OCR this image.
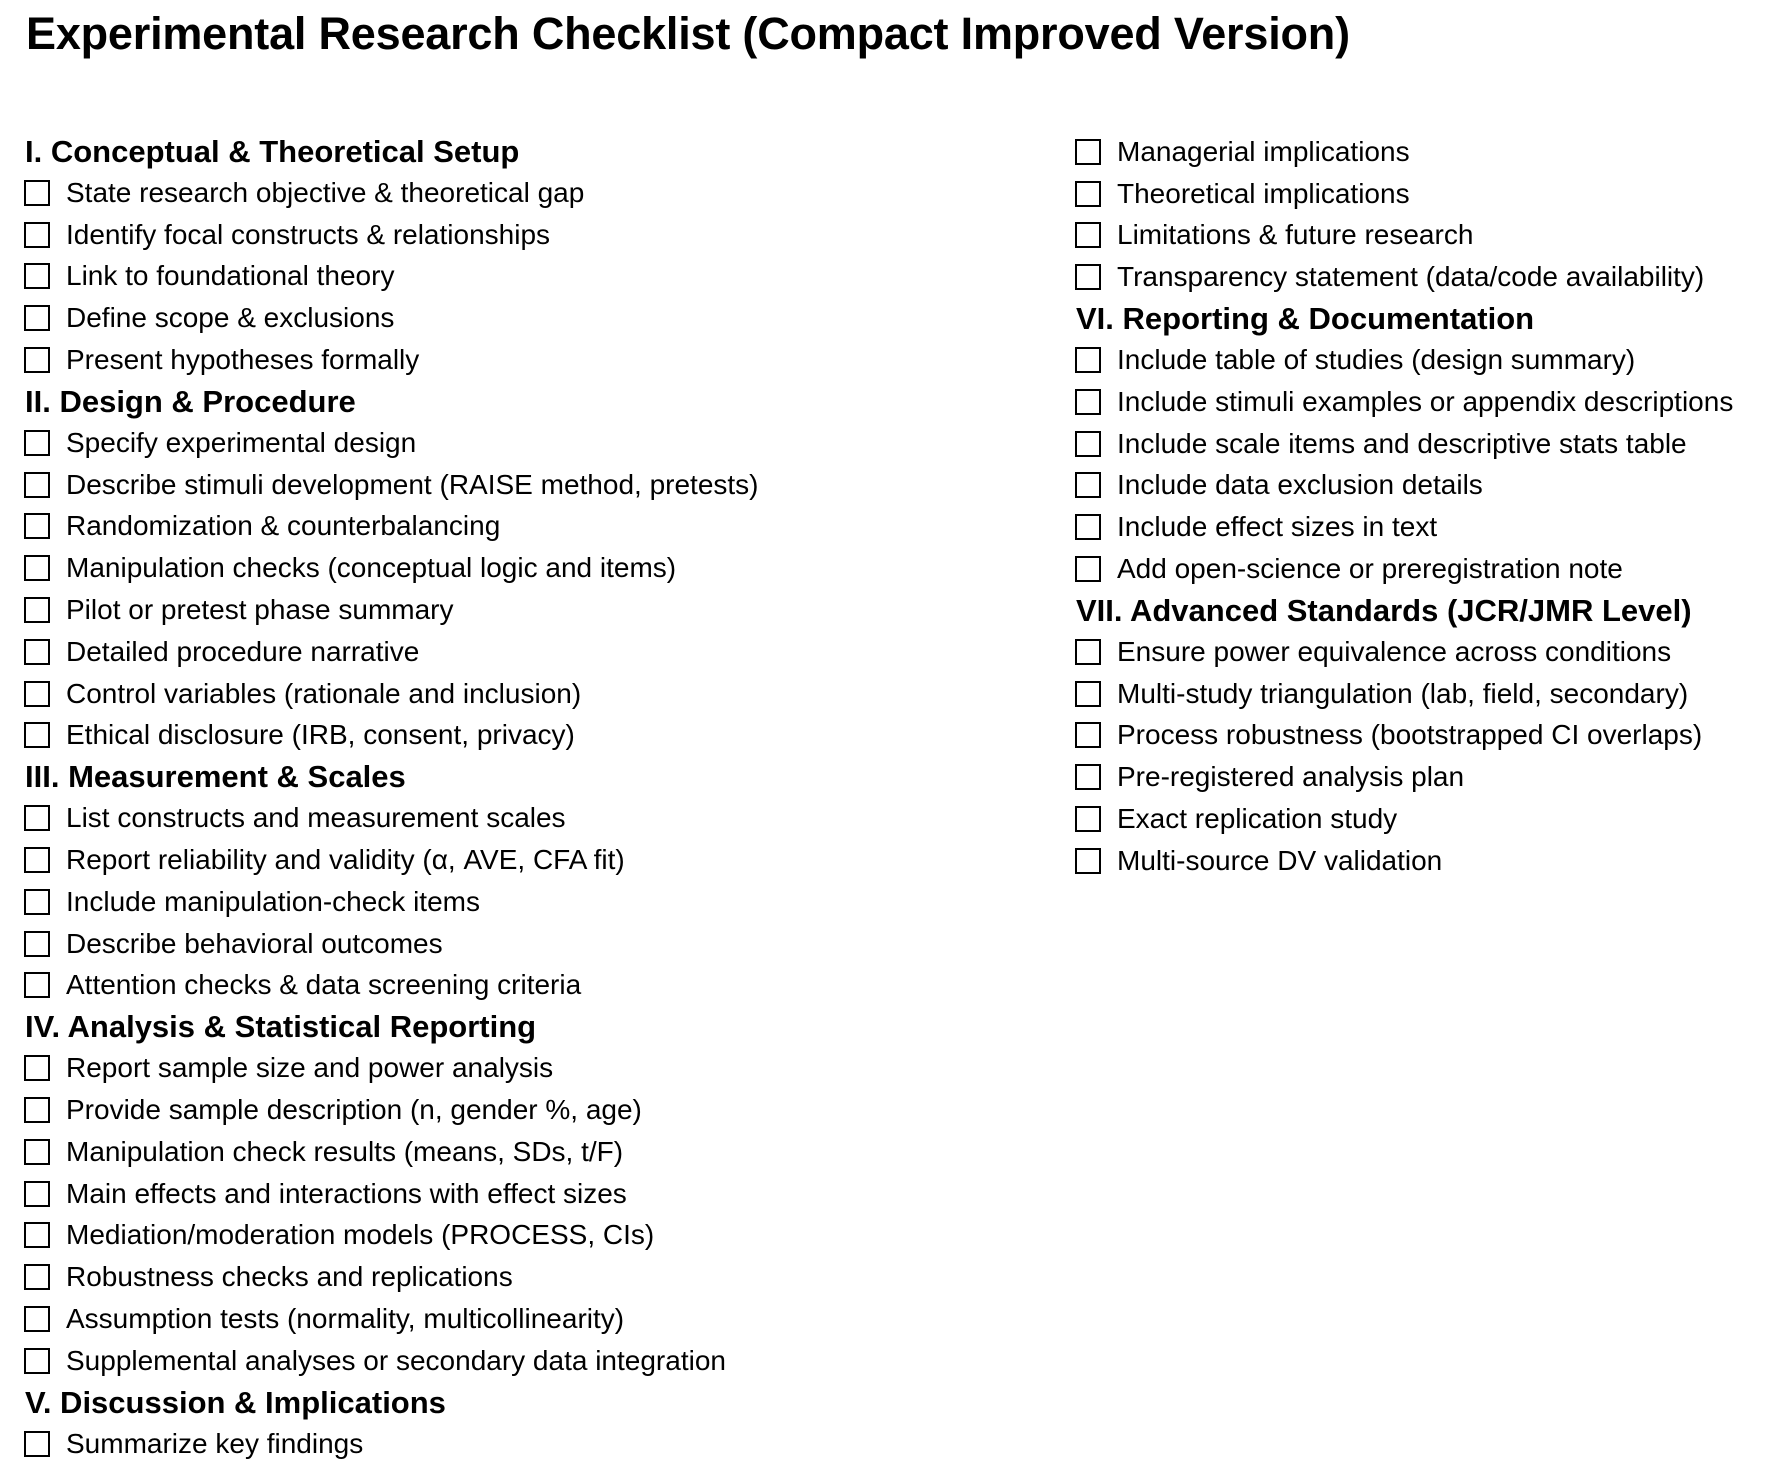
Experimental Research Checklist (Compact Improved Version)
I. Conceptual & Theoretical Setup
State research objective & theoretical gap
Identify focal constructs & relationships
Link to foundational theory
Define scope & exclusions
Present hypotheses formally
II. Design & Procedure
Specify experimental design
Describe stimuli development (RAISE method, pretests)
Randomization & counterbalancing
Manipulation checks (conceptual logic and items)
Pilot or pretest phase summary
Detailed procedure narrative
Control variables (rationale and inclusion)
Ethical disclosure (IRB, consent, privacy)
III. Measurement & Scales
List constructs and measurement scales
Report reliability and validity (α, AVE, CFA fit)
Include manipulation-check items
Describe behavioral outcomes
Attention checks & data screening criteria
IV. Analysis & Statistical Reporting
Report sample size and power analysis
Provide sample description (n, gender %, age)
Manipulation check results (means, SDs, t/F)
Main effects and interactions with effect sizes
Mediation/moderation models (PROCESS, CIs)
Robustness checks and replications
Assumption tests (normality, multicollinearity)
Supplemental analyses or secondary data integration
V. Discussion & Implications
Summarize key findings
Managerial implications
Theoretical implications
Limitations & future research
Transparency statement (data/code availability)
VI. Reporting & Documentation
Include table of studies (design summary)
Include stimuli examples or appendix descriptions
Include scale items and descriptive stats table
Include data exclusion details
Include effect sizes in text
Add open-science or preregistration note
VII. Advanced Standards (JCR/JMR Level)
Ensure power equivalence across conditions
Multi-study triangulation (lab, field, secondary)
Process robustness (bootstrapped CI overlaps)
Pre-registered analysis plan
Exact replication study
Multi-source DV validation
